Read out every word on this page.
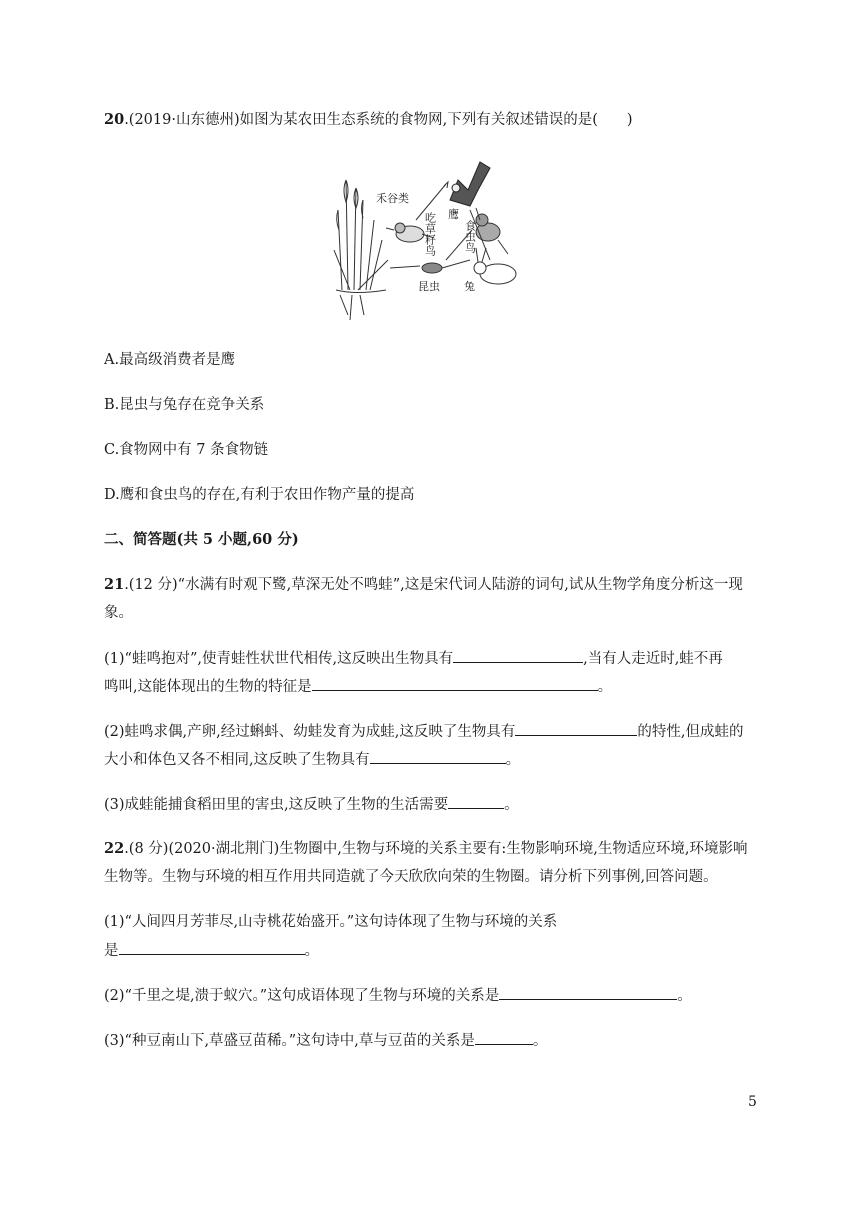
20.(2019·山东德州)如图为某农田生态系统的食物网,下列有关叙述错误的是(　　)
禾谷类
吃草籽鸟 鹰
食虫鸟
昆虫 兔
A.最高级消费者是鹰
B.昆虫与兔存在竞争关系
C.食物网中有 7 条食物链
D.鹰和食虫鸟的存在,有利于农田作物产量的提高
二、简答题(共 5 小题,60 分)
21.(12 分)“水满有时观下鹭,草深无处不鸣蛙”,这是宋代词人陆游的词句,试从生物学角度分析这一现
象。
(1)“蛙鸣抱对”,使青蛙性状世代相传,这反映出生物具有	,当有人走近时,蛙不再
鸣叫,这能体现出的生物的特征是	。
(2)蛙鸣求偶,产卵,经过蝌蚪、幼蛙发育为成蛙,这反映了生物具有	的特性,但成蛙的
大小和体色又各不相同,这反映了生物具有	。
(3)成蛙能捕食稻田里的害虫,这反映了生物的生活需要	。
22.(8 分)(2020·湖北荆门)生物圈中,生物与环境的关系主要有:生物影响环境,生物适应环境,环境影响
生物等。生物与环境的相互作用共同造就了今天欣欣向荣的生物圈。请分析下列事例,回答问题。
(1)“人间四月芳菲尽,山寺桃花始盛开。”这句诗体现了生物与环境的关系
是	。
(2)“千里之堤,溃于蚁穴。”这句成语体现了生物与环境的关系是	。
(3)“种豆南山下,草盛豆苗稀。”这句诗中,草与豆苗的关系是	。
5
